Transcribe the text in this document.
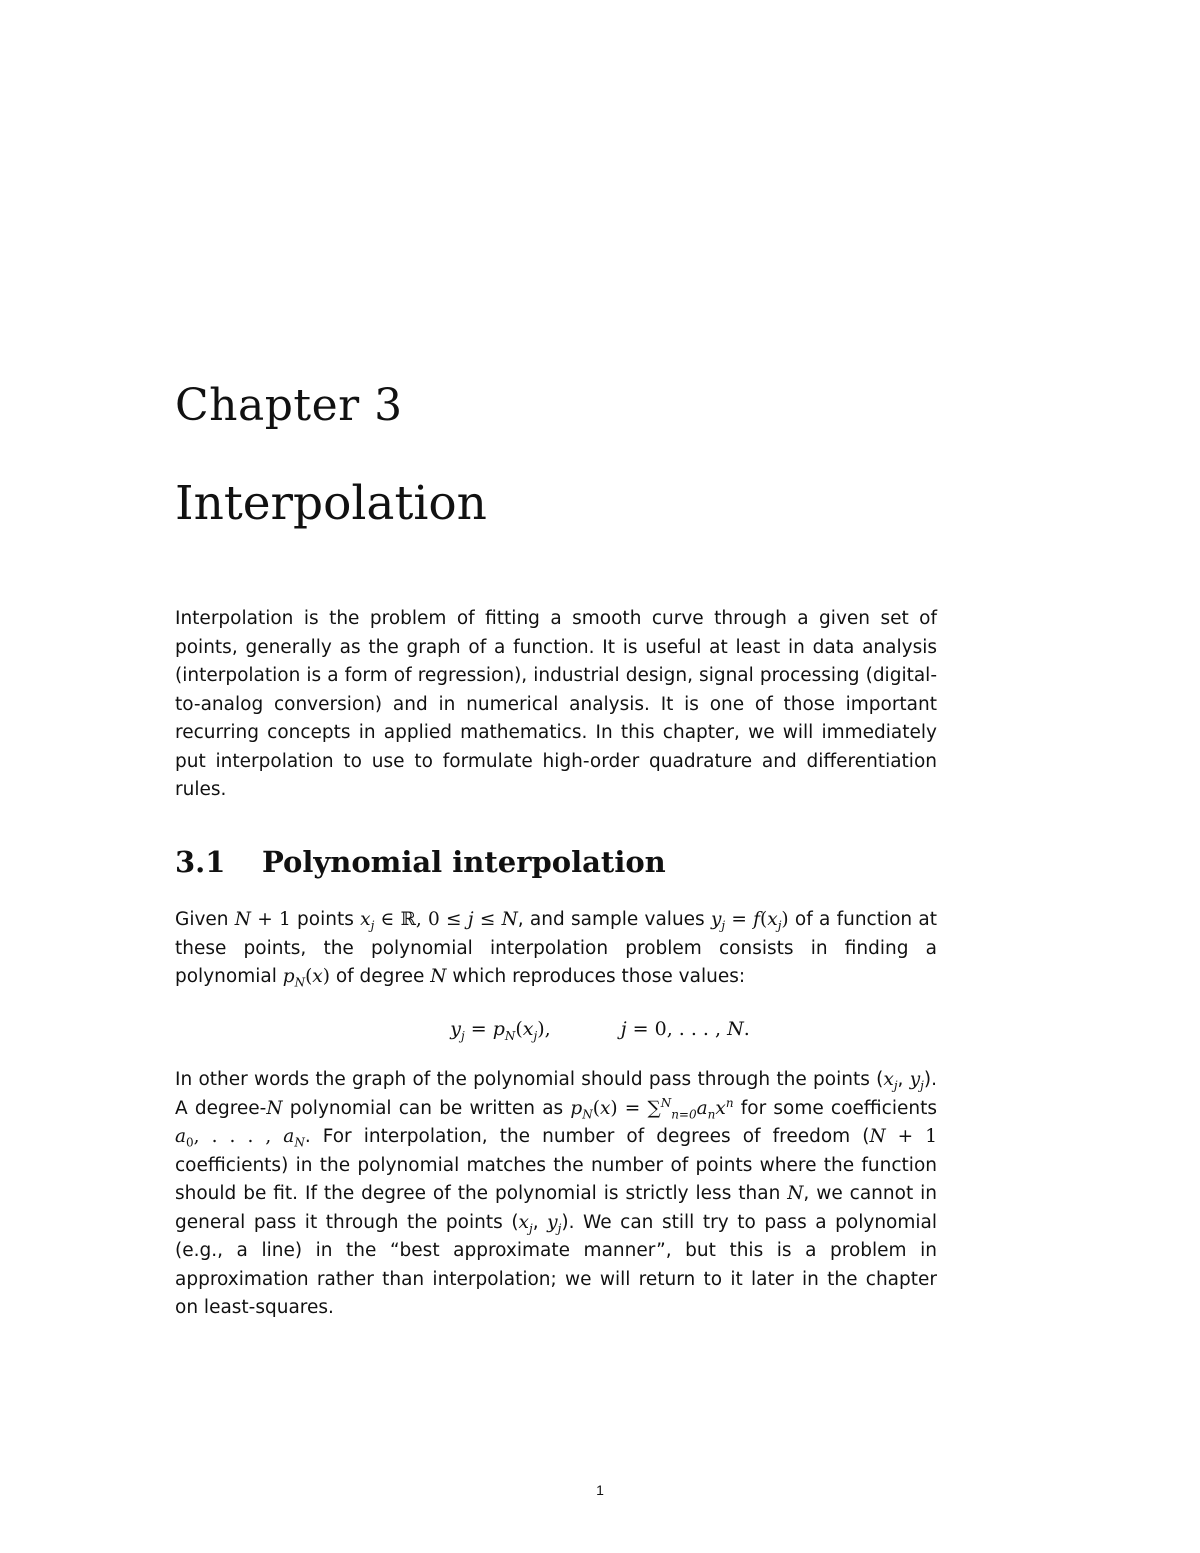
Chapter 3
Interpolation

Interpolation is the problem of fitting a smooth curve through a given set of points, generally as the graph of a function. It is useful at least in data analysis (interpolation is a form of regression), industrial design, signal processing (digital-to-analog conversion) and in numerical analysis. It is one of those important recurring concepts in applied mathematics. In this chapter, we will immediately put interpolation to use to formulate high-order quadrature and differentiation rules.

3.1 Polynomial interpolation

Given N + 1 points $x_j$ ∈ ℝ, 0 ≤ j ≤ N, and sample values $y_j = f(x_j)$ of a function at these points, the polynomial interpolation problem consists in finding a polynomial $p_N(x)$ of degree N which reproduces those values:

$y_j = p_N(x_j)$,	j = 0, . . . , N.

In other words the graph of the polynomial should pass through the points ($x_j$, $y_j$). A degree-N polynomial can be written as $p_N(x) = \sum^N_{n=0}a_nx^n$ for some coefficients $a_0$, . . . , $a_N$. For interpolation, the number of degrees of freedom (N + 1 coefficients) in the polynomial matches the number of points where the function should be fit. If the degree of the polynomial is strictly less than N, we cannot in general pass it through the points ($x_j$, $y_j$). We can still try to pass a polynomial (e.g., a line) in the “best approximate manner”, but this is a problem in approximation rather than interpolation; we will return to it later in the chapter on least-squares.

1
